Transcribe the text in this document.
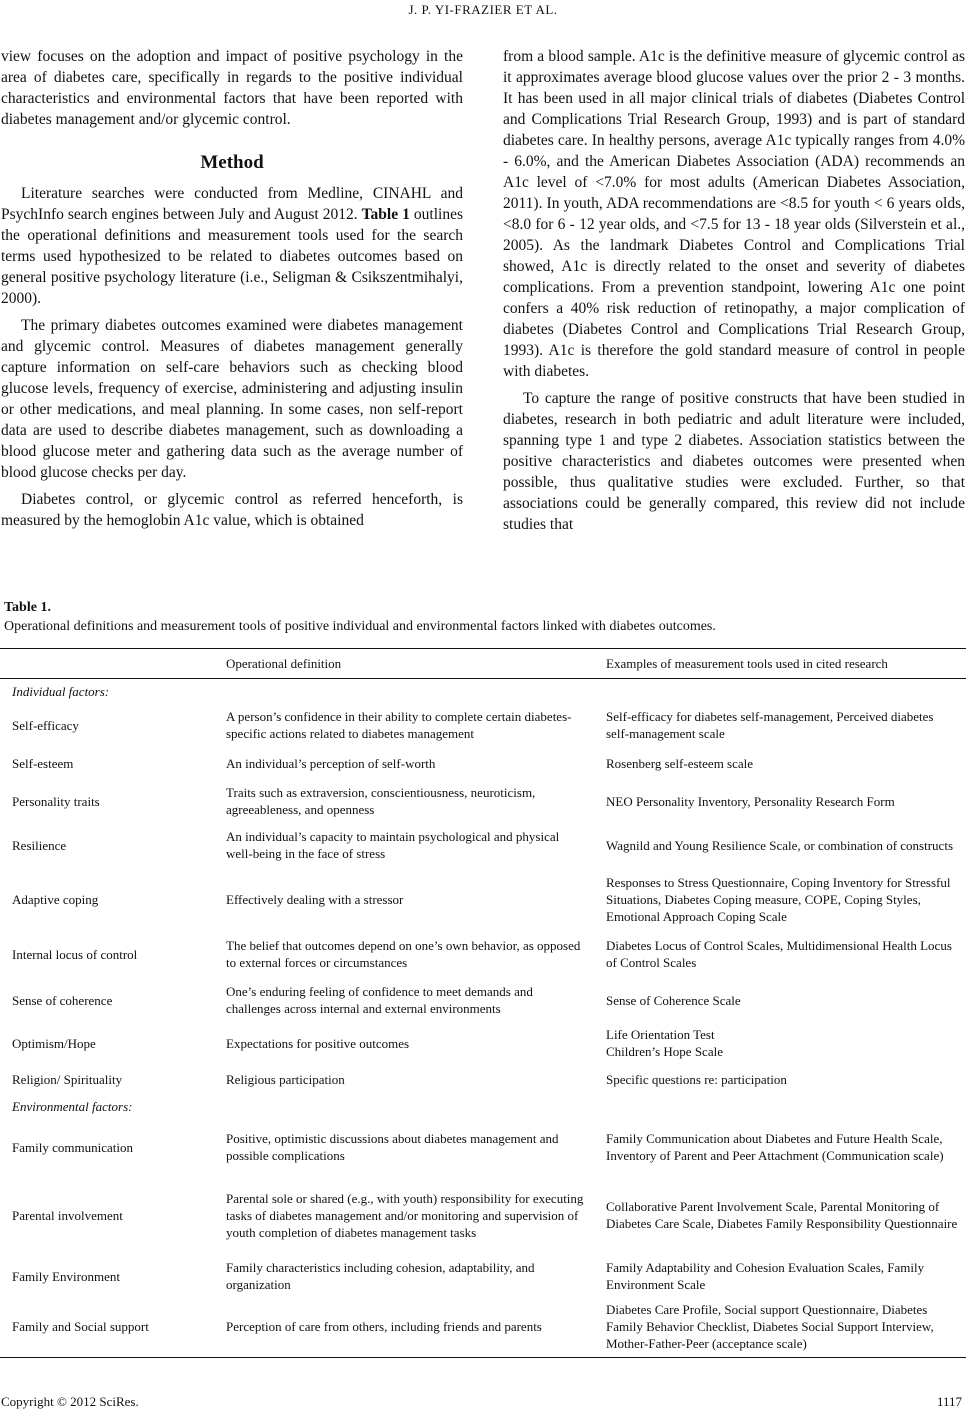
J. P. YI-FRAZIER ET AL.

view focuses on the adoption and impact of positive psychology in the area of diabetes care, specifically in regards to the positive individual characteristics and environmental factors that have been reported with diabetes management and/or glycemic control.

Method

Literature searches were conducted from Medline, CINAHL and PsychInfo search engines between July and August 2012. Table 1 outlines the operational definitions and measurement tools used for the search terms used hypothesized to be related to diabetes outcomes based on general positive psychology literature (i.e., Seligman & Csikszentmihalyi, 2000).

The primary diabetes outcomes examined were diabetes management and glycemic control. Measures of diabetes management generally capture information on self-care behaviors such as checking blood glucose levels, frequency of exercise, administering and adjusting insulin or other medications, and meal planning. In some cases, non self-report data are used to describe diabetes management, such as downloading a blood glucose meter and gathering data such as the average number of blood glucose checks per day.

Diabetes control, or glycemic control as referred henceforth, is measured by the hemoglobin A1c value, which is obtained

from a blood sample. A1c is the definitive measure of glycemic control as it approximates average blood glucose values over the prior 2 - 3 months. It has been used in all major clinical trials of diabetes (Diabetes Control and Complications Trial Research Group, 1993) and is part of standard diabetes care. In healthy persons, average A1c typically ranges from 4.0% - 6.0%, and the American Diabetes Association (ADA) recommends an A1c level of <7.0% for most adults (American Diabetes Association, 2011). In youth, ADA recommendations are <8.5 for youth < 6 years olds, <8.0 for 6 - 12 year olds, and <7.5 for 13 - 18 year olds (Silverstein et al., 2005). As the landmark Diabetes Control and Complications Trial showed, A1c is directly related to the onset and severity of diabetes complications. From a prevention standpoint, lowering A1c one point confers a 40% risk reduction of retinopathy, a major complication of diabetes (Diabetes Control and Complications Trial Research Group, 1993). A1c is therefore the gold standard measure of control in people with diabetes.

To capture the range of positive constructs that have been studied in diabetes, research in both pediatric and adult literature were included, spanning type 1 and type 2 diabetes. Association statistics between the positive characteristics and diabetes outcomes were presented when possible, thus qualitative studies were excluded. Further, so that associations could be generally compared, this review did not include studies that

Table 1.
Operational definitions and measurement tools of positive individual and environmental factors linked with diabetes outcomes.
	Operational definition	Examples of measurement tools used in cited research
Individual factors:		
Self-efficacy	A person’s confidence in their ability to complete certain diabetes-specific actions related to diabetes management	Self-efficacy for diabetes self-management, Perceived diabetes self-management scale
Self-esteem	An individual’s perception of self-worth	Rosenberg self-esteem scale
Personality traits	Traits such as extraversion, conscientiousness, neuroticism, agreeableness, and openness	NEO Personality Inventory, Personality Research Form
Resilience	An individual’s capacity to maintain psychological and physical well-being in the face of stress	Wagnild and Young Resilience Scale, or combination of constructs
Adaptive coping	Effectively dealing with a stressor	Responses to Stress Questionnaire, Coping Inventory for Stressful Situations, Diabetes Coping measure, COPE, Coping Styles, Emotional Approach Coping Scale
Internal locus of control	The belief that outcomes depend on one’s own behavior, as opposed to external forces or circumstances	Diabetes Locus of Control Scales, Multidimensional Health Locus of Control Scales
Sense of coherence	One’s enduring feeling of confidence to meet demands and challenges across internal and external environments	Sense of Coherence Scale
Optimism/Hope	Expectations for positive outcomes	Life Orientation Test
Children’s Hope Scale
Religion/ Spirituality	Religious participation	Specific questions re: participation
Environmental factors:		
Family communication	Positive, optimistic discussions about diabetes management and possible complications	Family Communication about Diabetes and Future Health Scale, Inventory of Parent and Peer Attachment (Communication scale)
Parental involvement	Parental sole or shared (e.g., with youth) responsibility for executing tasks of diabetes management and/or monitoring and supervision of youth completion of diabetes management tasks	Collaborative Parent Involvement Scale, Parental Monitoring of Diabetes Care Scale, Diabetes Family Responsibility Questionnaire
Family Environment	Family characteristics including cohesion, adaptability, and organization	Family Adaptability and Cohesion Evaluation Scales, Family Environment Scale
Family and Social support	Perception of care from others, including friends and parents	Diabetes Care Profile, Social support Questionnaire, Diabetes Family Behavior Checklist, Diabetes Social Support Interview, Mother-Father-Peer (acceptance scale)
Copyright © 2012 SciRes.	1117
